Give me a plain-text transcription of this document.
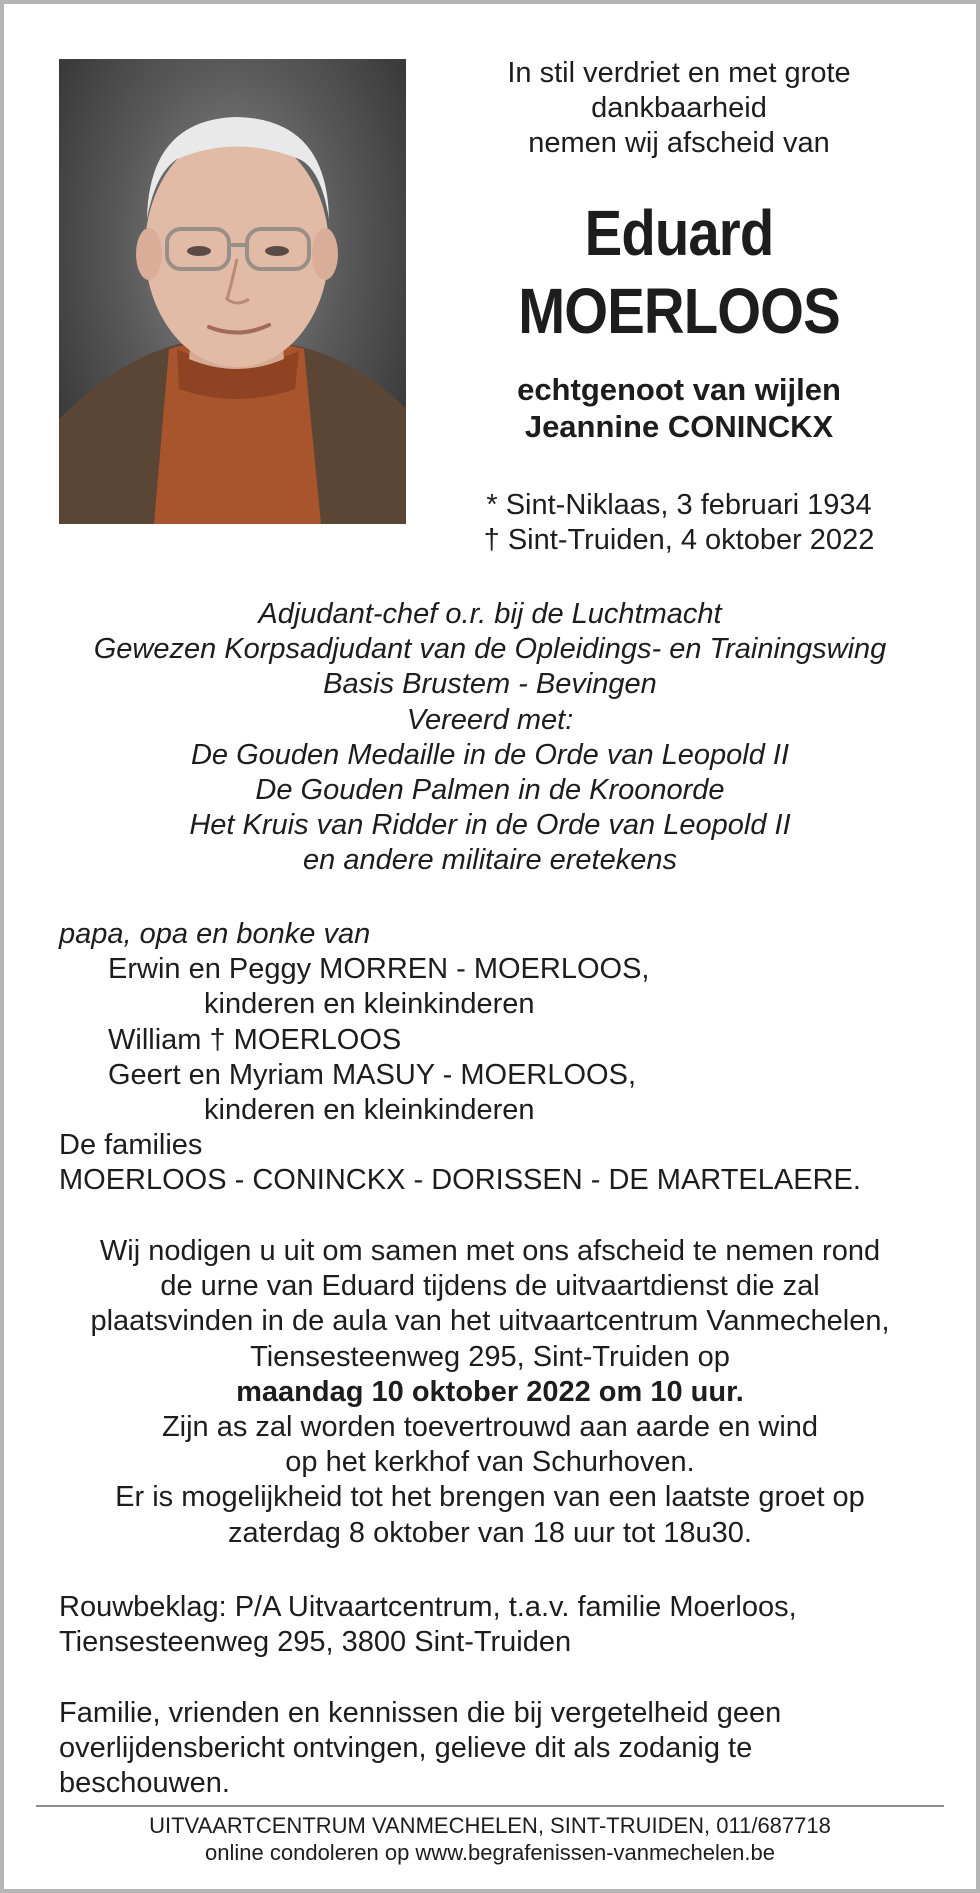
In stil verdriet en met grote
dankbaarheid
nemen wij afscheid van
Eduard
MOERLOOS
echtgenoot van wijlen
Jeannine CONINCKX
* Sint-Niklaas, 3 februari 1934
† Sint-Truiden, 4 oktober 2022
Adjudant-chef o.r. bij de Luchtmacht
Gewezen Korpsadjudant van de Opleidings- en Trainingswing
Basis Brustem - Bevingen
Vereerd met:
De Gouden Medaille in de Orde van Leopold II
De Gouden Palmen in de Kroonorde
Het Kruis van Ridder in de Orde van Leopold II
en andere militaire eretekens
papa, opa en bonke van
Erwin en Peggy MORREN - MOERLOOS,
kinderen en kleinkinderen
William † MOERLOOS
Geert en Myriam MASUY - MOERLOOS,
kinderen en kleinkinderen
De families
MOERLOOS - CONINCKX - DORISSEN - DE MARTELAERE.
Wij nodigen u uit om samen met ons afscheid te nemen rond
de urne van Eduard tijdens de uitvaartdienst die zal
plaatsvinden in de aula van het uitvaartcentrum Vanmechelen,
Tiensesteenweg 295, Sint-Truiden op
maandag 10 oktober 2022 om 10 uur.
Zijn as zal worden toevertrouwd aan aarde en wind
op het kerkhof van Schurhoven.
Er is mogelijkheid tot het brengen van een laatste groet op
zaterdag 8 oktober van 18 uur tot 18u30.
Rouwbeklag: P/A Uitvaartcentrum, t.a.v. familie Moerloos,
Tiensesteenweg 295, 3800 Sint-Truiden
Familie, vrienden en kennissen die bij vergetelheid geen
overlijdensbericht ontvingen, gelieve dit als zodanig te
beschouwen.
UITVAARTCENTRUM VANMECHELEN, SINT-TRUIDEN, 011/687718
online condoleren op www.begrafenissen-vanmechelen.be
